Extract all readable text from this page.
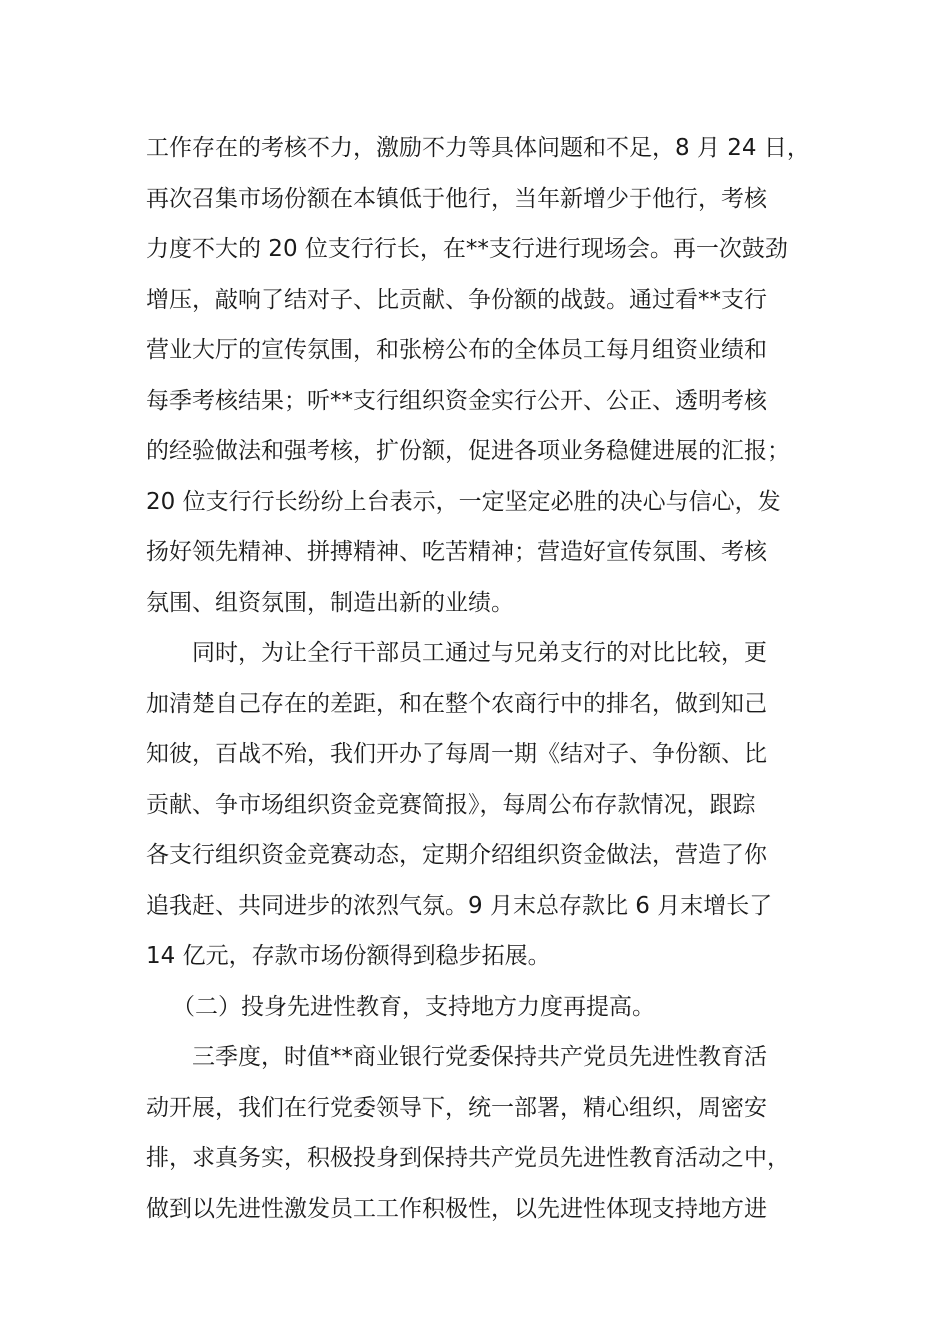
工作存在的考核不力，激励不力等具体问题和不足，8 月 24 日，
再次召集市场份额在本镇低于他行，当年新增少于他行，考核
力度不大的 20 位支行行长，在**支行进行现场会。再一次鼓劲
增压，敲响了结对子、比贡献、争份额的战鼓。通过看**支行
营业大厅的宣传氛围，和张榜公布的全体员工每月组资业绩和
每季考核结果；听**支行组织资金实行公开、公正、透明考核
的经验做法和强考核，扩份额，促进各项业务稳健进展的汇报；
20 位支行行长纷纷上台表示，一定坚定必胜的决心与信心，发
扬好领先精神、拼搏精神、吃苦精神；营造好宣传氛围、考核
氛围、组资氛围，制造出新的业绩。
同时，为让全行干部员工通过与兄弟支行的对比比较，更
加清楚自己存在的差距，和在整个农商行中的排名，做到知己
知彼，百战不殆，我们开办了每周一期《结对子、争份额、比
贡献、争市场组织资金竞赛简报》，每周公布存款情况，跟踪
各支行组织资金竞赛动态，定期介绍组织资金做法，营造了你
追我赶、共同进步的浓烈气氛。9 月末总存款比 6 月末增长了
14 亿元，存款市场份额得到稳步拓展。
（二）投身先进性教育，支持地方力度再提高。
三季度，时值**商业银行党委保持共产党员先进性教育活
动开展，我们在行党委领导下，统一部署，精心组织，周密安
排，求真务实，积极投身到保持共产党员先进性教育活动之中，
做到以先进性激发员工工作积极性，以先进性体现支持地方进
